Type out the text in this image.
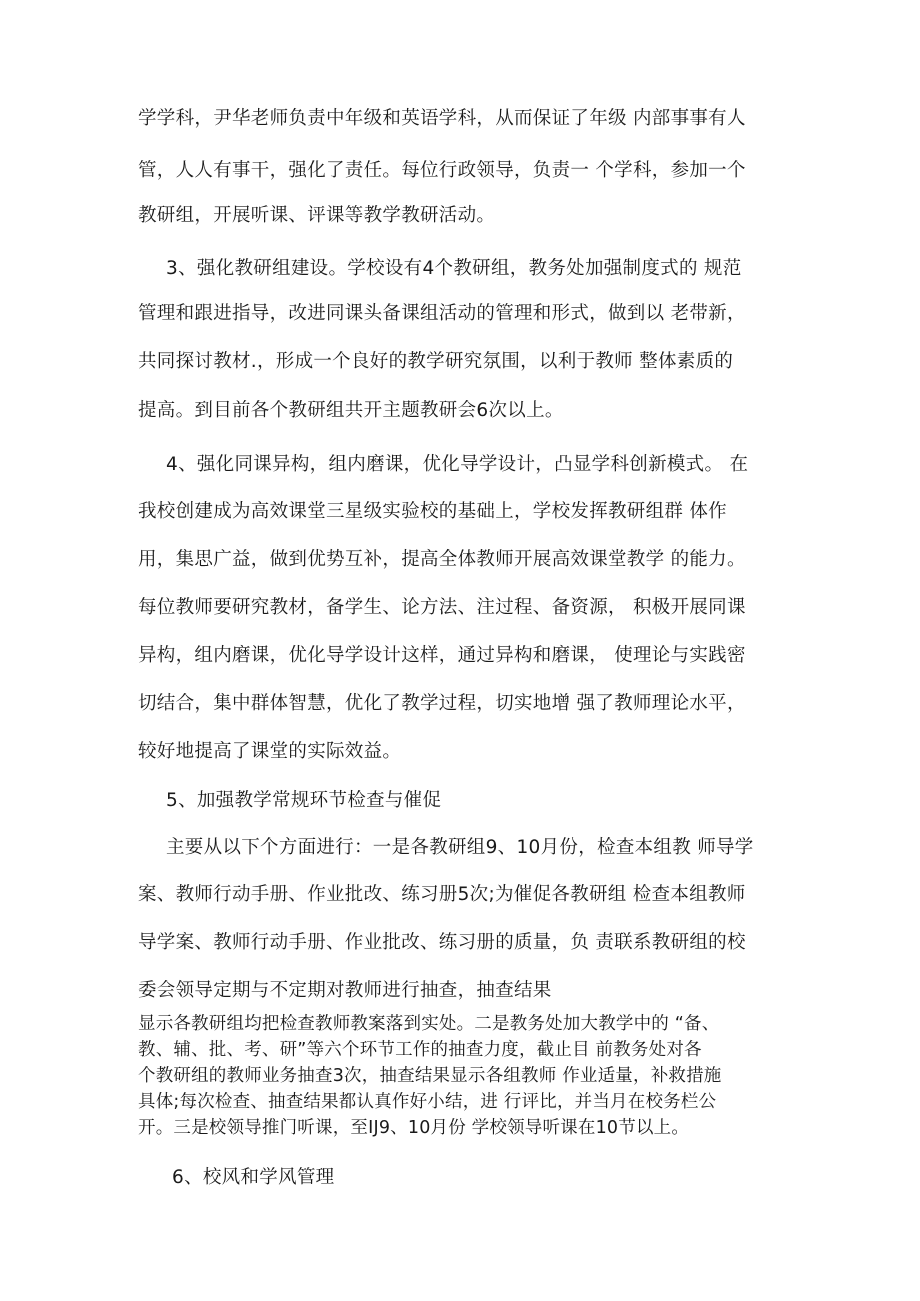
学学科，尹华老师负责中年级和英语学科，从而保证了年级 内部事事有人

管，人人有事干，强化了责任。每位行政领导，负责一 个学科，参加一个

教研组，开展听课、评课等教学教研活动。

3、强化教研组建设。学校设有4个教研组，教务处加强制度式的 规范

管理和跟进指导，改进同课头备课组活动的管理和形式，做到以 老带新，

共同探讨教材.，形成一个良好的教学研究氛围，以利于教师 整体素质的

提高。到目前各个教研组共开主题教研会6次以上。

4、强化同课异构，组内磨课，优化导学设计，凸显学科创新模式。 在

我校创建成为高效课堂三星级实验校的基础上，学校发挥教研组群 体作

用，集思广益，做到优势互补，提高全体教师开展高效课堂教学 的能力。

每位教师要研究教材，备学生、论方法、注过程、备资源， 积极开展同课

异构，组内磨课，优化导学设计这样，通过异构和磨课， 使理论与实践密

切结合，集中群体智慧，优化了教学过程，切实地增 强了教师理论水平，

较好地提高了课堂的实际效益。

5、加强教学常规环节检查与催促

主要从以下个方面进行：一是各教研组9、10月份，检查本组教 师导学

案、教师行动手册、作业批改、练习册5次;为催促各教研组 检查本组教师

导学案、教师行动手册、作业批改、练习册的质量，负 责联系教研组的校

委会领导定期与不定期对教师进行抽查，抽查结果

显示各教研组均把检查教师教案落到实处。二是教务处加大教学中的 “备、
教、辅、批、考、研”等六个环节工作的抽查力度，截止目 前教务处对各
个教研组的教师业务抽查3次，抽查结果显示各组教师 作业适量，补救措施
具体;每次检查、抽查结果都认真作好小结，进 行评比，并当月在校务栏公
开。三是校领导推门听课，至IJ9、10月份 学校领导听课在10节以上。

6、校风和学风管理
